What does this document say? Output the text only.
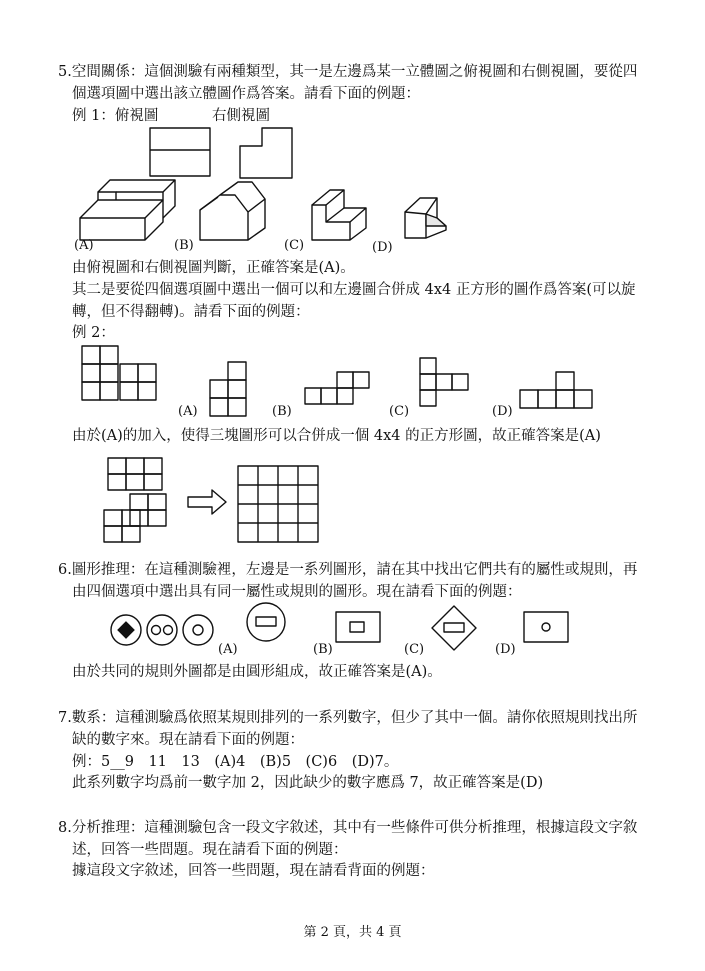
5.空間關係：這個測驗有兩種類型，其一是左邊爲某一立體圖之俯視圖和右側視圖，要從四
個選項圖中選出該立體圖作爲答案。請看下面的例題：
例 1：俯視圖	右側視圖
(A)	(B)	(C)	(D)
由俯視圖和右側視圖判斷，正確答案是(A)。
其二是要從四個選項圖中選出一個可以和左邊圖合併成 4x4 正方形的圖作爲答案(可以旋
轉，但不得翻轉)。請看下面的例題：
例 2：
(A)	(B)	(C)	(D)
由於(A)的加入，使得三塊圖形可以合併成一個 4x4 的正方形圖，故正確答案是(A)
6.圖形推理：在這種測驗裡，左邊是一系列圖形，請在其中找出它們共有的屬性或規則，再
由四個選項中選出具有同一屬性或規則的圖形。現在請看下面的例題：
(A)	(B)	(C)	(D)
由於共同的規則外圖都是由圓形組成，故正確答案是(A)。
7.數系：這種測驗爲依照某規則排列的一系列數字，但少了其中一個。請你依照規則找出所
缺的數字來。現在請看下面的例題：
例：5__9　11　13　(A)4　(B)5　(C)6　(D)7。
此系列數字均爲前一數字加 2，因此缺少的數字應爲 7，故正確答案是(D)
8.分析推理：這種測驗包含一段文字敘述，其中有一些條件可供分析推理，根據這段文字敘
述，回答一些問題。現在請看下面的例題：
據這段文字敘述，回答一些問題，現在請看背面的例題：
第 2 頁，共 4 頁
